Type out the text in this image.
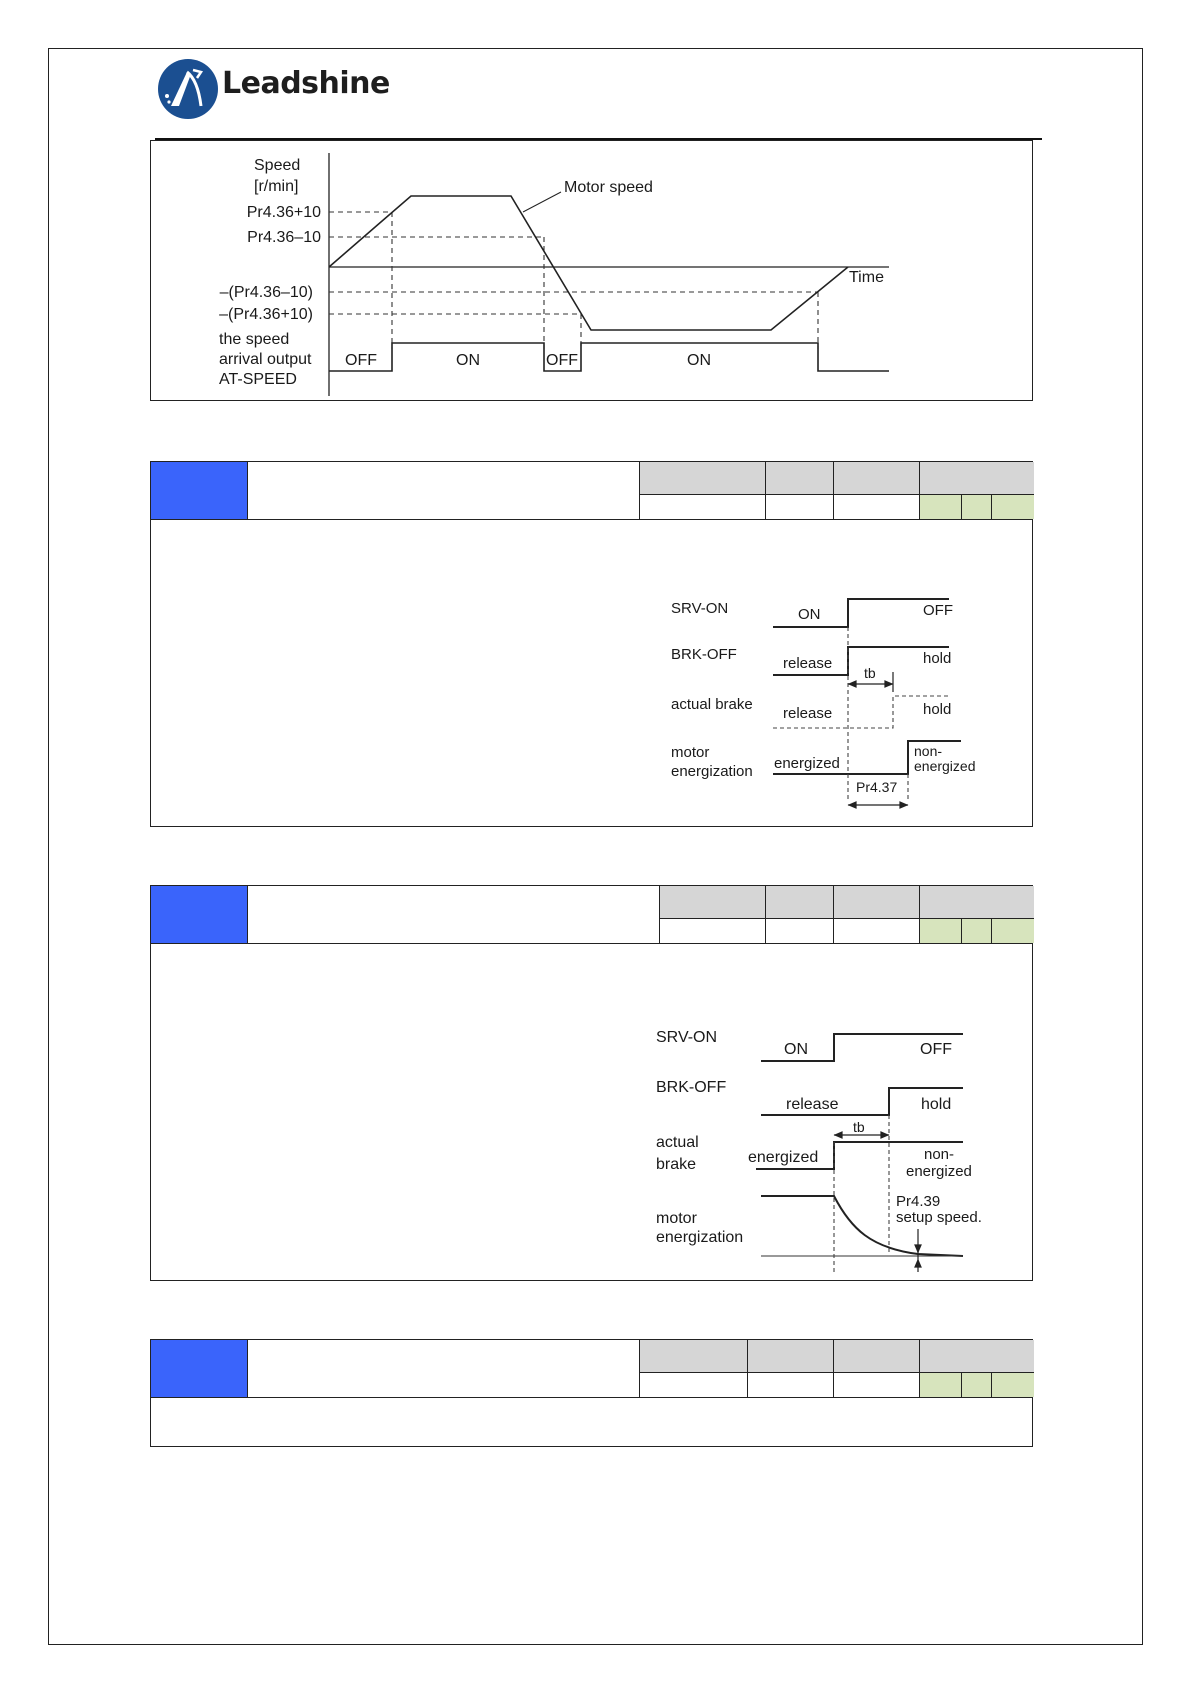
Leadshine
Speed
[r/min]
Pr4.36+10
Pr4.36–10
–(Pr4.36–10)
–(Pr4.36+10)
Motor speed
Time
the speed
arrival output
AT-SPEED
OFF	ON	OFF	ON
SRV-ON
BRK-OFF
actual brake
motor
energization
ON	OFF
release	hold
release	hold
tb
energized
non-
energized
Pr4.37
SRV-ON
BRK-OFF
actual
brake
motor
energization
ON	OFF
release	hold
tb
energized	non-
energized
Pr4.39
setup speed.
